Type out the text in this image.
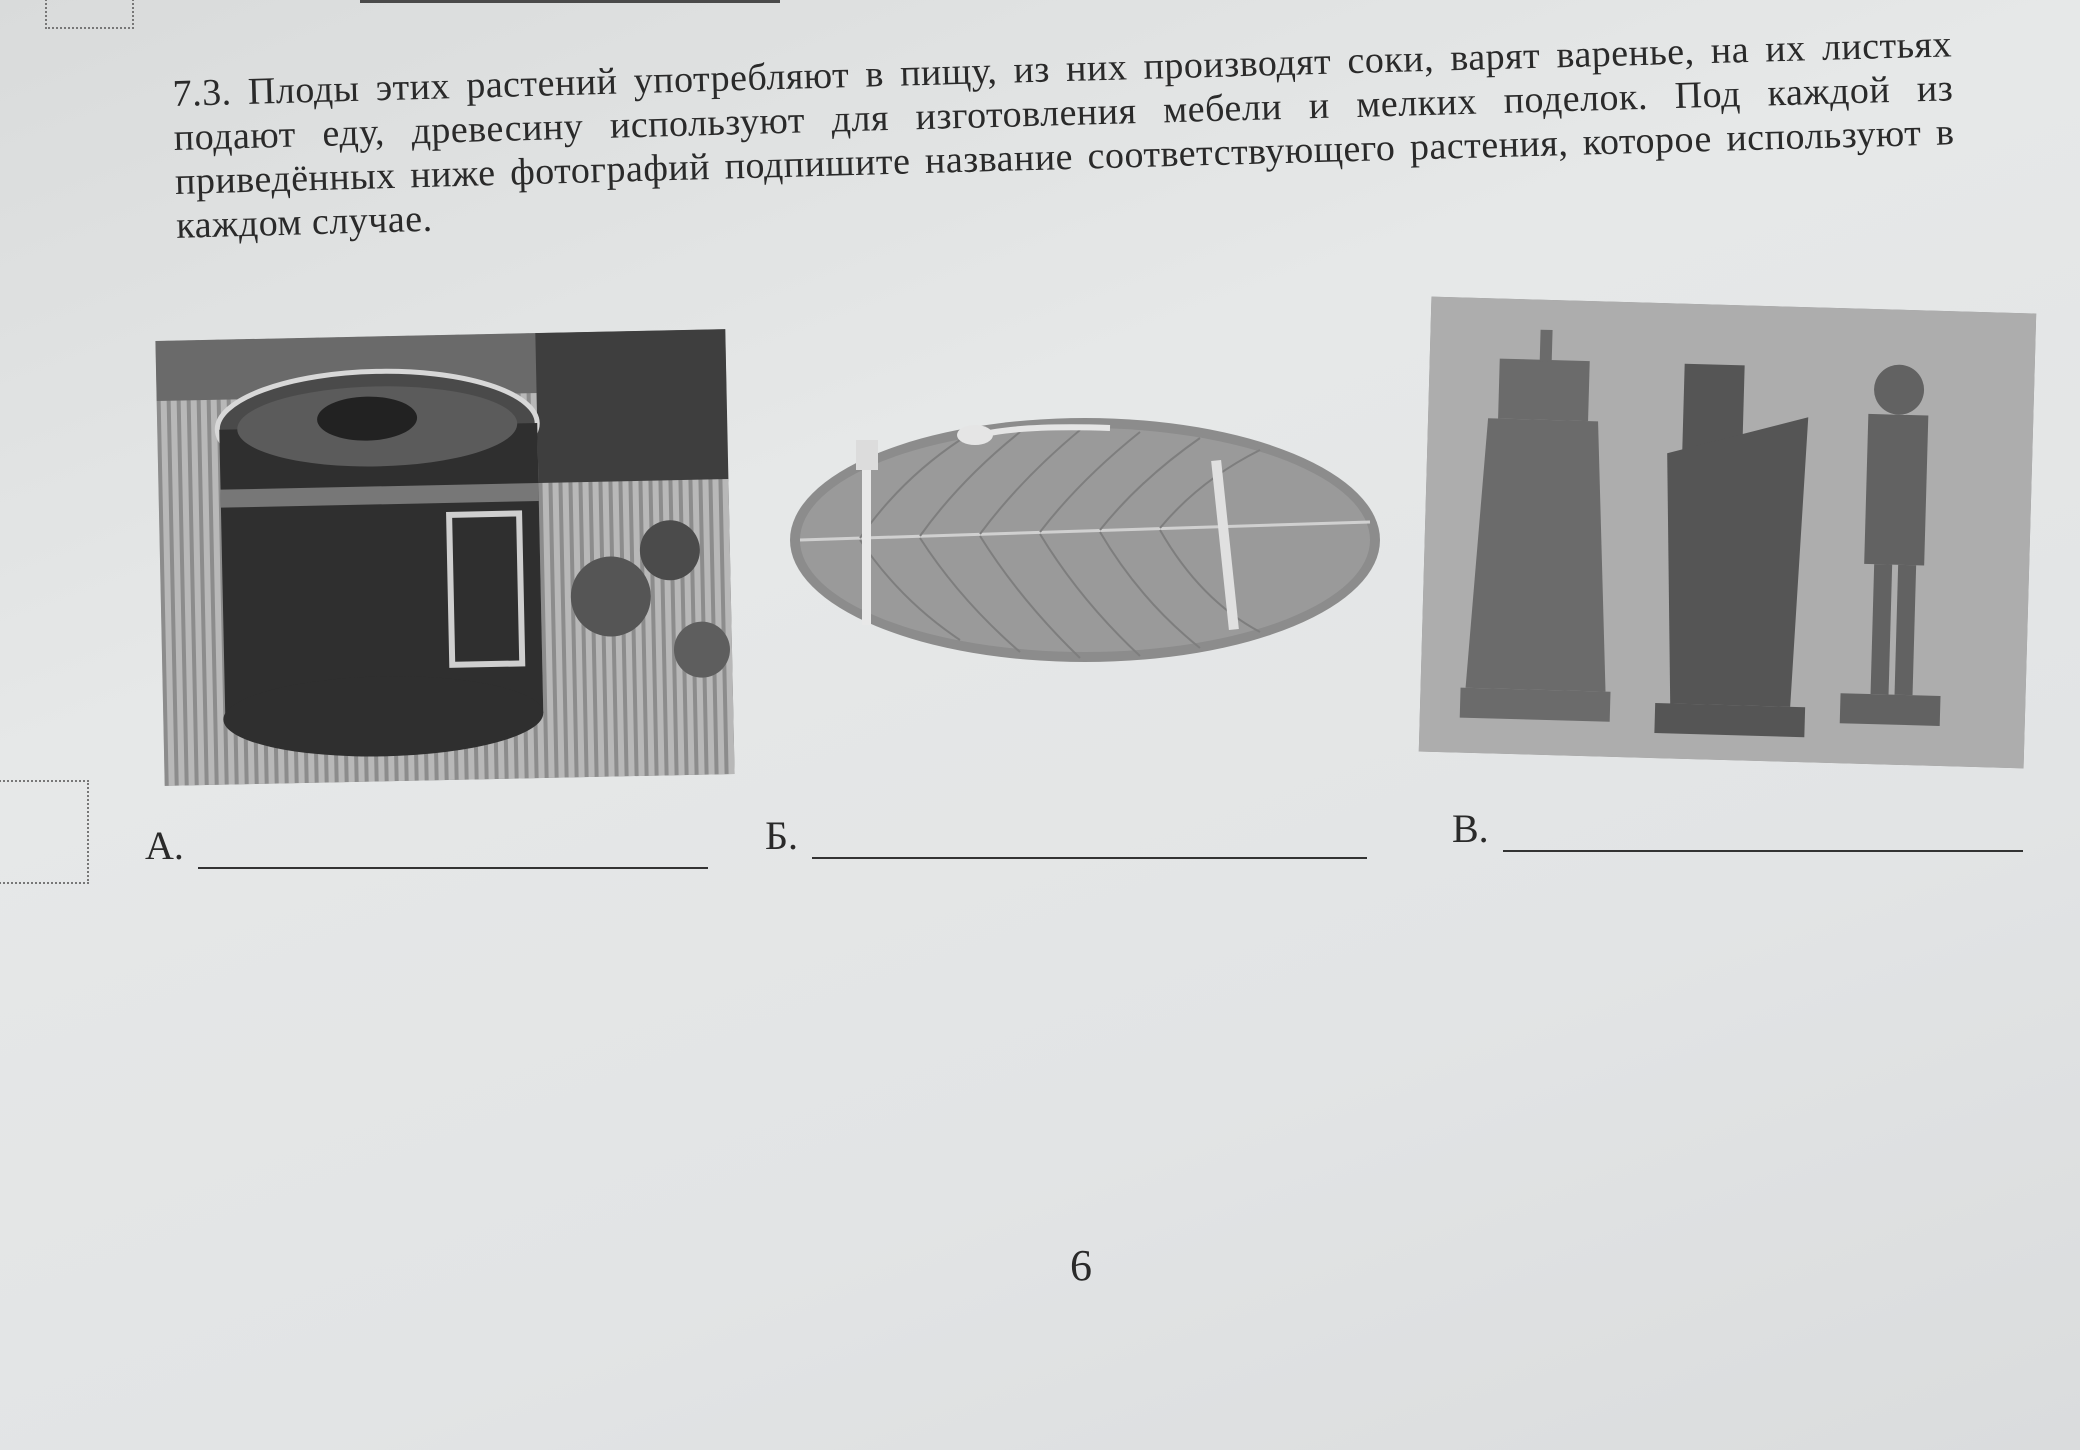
7.3. Плоды этих растений употребляют в пищу, из них производят соки, варят варенье, на их листьях подают еду, древесину используют для изготовления мебели и мелких поделок. Под каждой из приведённых ниже фотографий подпишите название соответствующего растения, которое используют в каждом случае.

А.	Б.	В.
6
